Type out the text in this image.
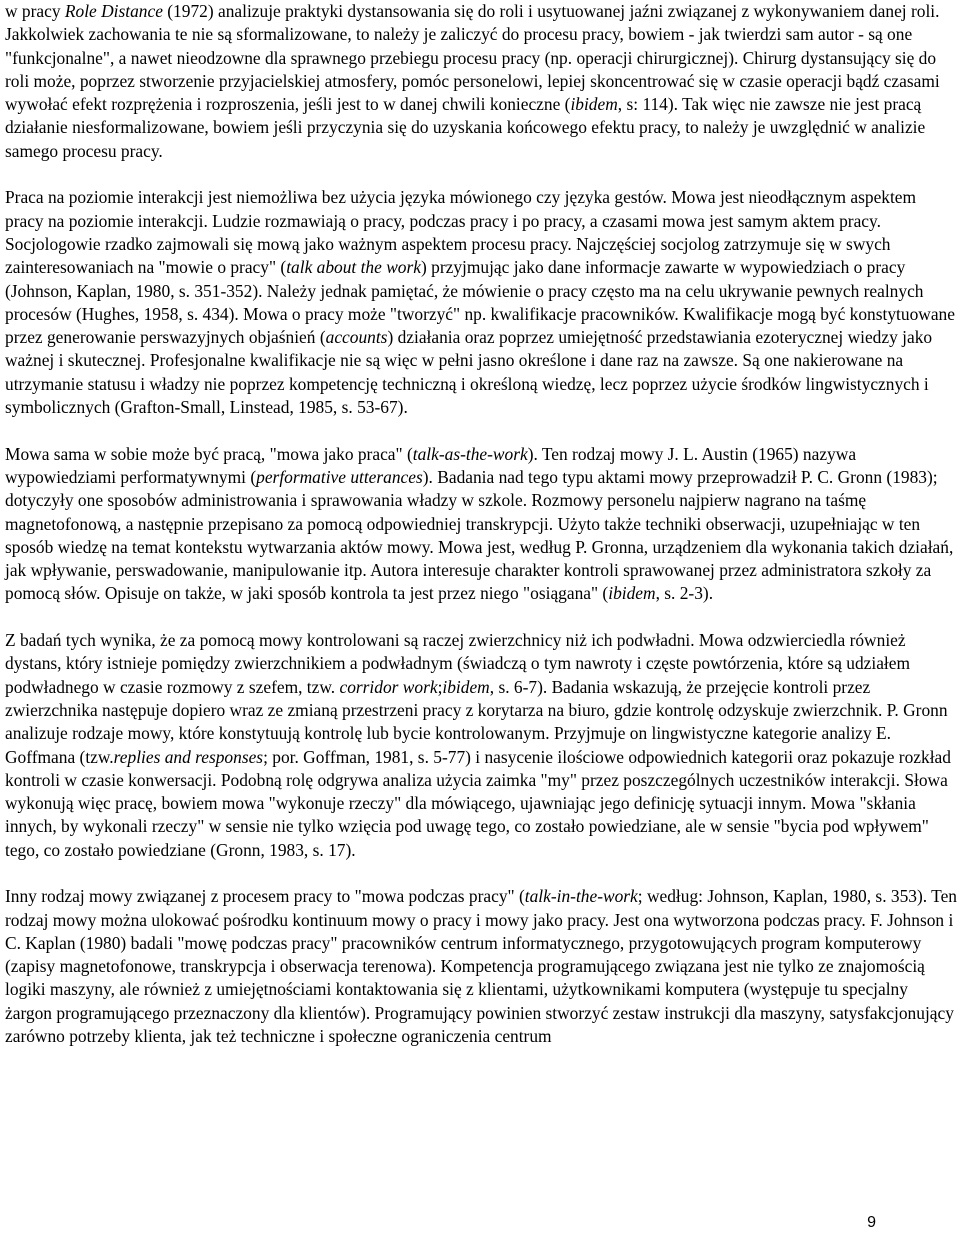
w pracy Role Distance (1972) analizuje praktyki dystansowania się do roli i usytuowanej jaźni związanej z wykonywaniem danej roli. Jakkolwiek zachowania te nie są sformalizowane, to należy je zaliczyć do procesu pracy, bowiem - jak twierdzi sam autor - są one "funkcjonalne", a nawet nieodzowne dla sprawnego przebiegu procesu pracy (np. operacji chirurgicznej). Chirurg dystansujący się do roli może, poprzez stworzenie przyjacielskiej atmosfery, pomóc personelowi, lepiej skoncentrować się w czasie operacji bądź czasami wywołać efekt rozprężenia i rozproszenia, jeśli jest to w danej chwili konieczne (ibidem, s: 114). Tak więc nie zawsze nie jest pracą działanie niesformalizowane, bowiem jeśli przyczynia się do uzyskania końcowego efektu pracy, to należy je uwzględnić w analizie samego procesu pracy.
Praca na poziomie interakcji jest niemożliwa bez użycia języka mówionego czy języka gestów. Mowa jest nieodłącznym aspektem pracy na poziomie interakcji. Ludzie rozmawiają o pracy, podczas pracy i po pracy, a czasami mowa jest samym aktem pracy. Socjologowie rzadko zajmowali się mową jako ważnym aspektem procesu pracy. Najczęściej socjolog zatrzymuje się w swych zainteresowaniach na "mowie o pracy" (talk about the work) przyjmując jako dane informacje zawarte w wypowiedziach o pracy (Johnson, Kaplan, 1980, s. 351-352). Należy jednak pamiętać, że mówienie o pracy często ma na celu ukrywanie pewnych realnych procesów (Hughes, 1958, s. 434). Mowa o pracy może "tworzyć" np. kwalifikacje pracowników. Kwalifikacje mogą być konstytuowane przez generowanie perswazyjnych objaśnień (accounts) działania oraz poprzez umiejętność przedstawiania ezoterycznej wiedzy jako ważnej i skutecznej. Profesjonalne kwalifikacje nie są więc w pełni jasno określone i dane raz na zawsze. Są one nakierowane na utrzymanie statusu i władzy nie poprzez kompetencję techniczną i określoną wiedzę, lecz poprzez użycie środków lingwistycznych i symbolicznych (Grafton-Small, Linstead, 1985, s. 53-67).
Mowa sama w sobie może być pracą, "mowa jako praca" (talk-as-the-work). Ten rodzaj mowy J. L. Austin (1965) nazywa wypowiedziami performatywnymi (performative utterances). Badania nad tego typu aktami mowy przeprowadził P. C. Gronn (1983); dotyczyły one sposobów administrowania i sprawowania władzy w szkole. Rozmowy personelu najpierw nagrano na taśmę magnetofonową, a następnie przepisano za pomocą odpowiedniej transkrypcji. Użyto także techniki obserwacji, uzupełniając w ten sposób wiedzę na temat kontekstu wytwarzania aktów mowy. Mowa jest, według P. Gronna, urządzeniem dla wykonania takich działań, jak wpływanie, perswadowanie, manipulowanie itp. Autora interesuje charakter kontroli sprawowanej przez administratora szkoły za pomocą słów. Opisuje on także, w jaki sposób kontrola ta jest przez niego "osiągana" (ibidem, s. 2-3).
Z badań tych wynika, że za pomocą mowy kontrolowani są raczej zwierzchnicy niż ich podwładni. Mowa odzwierciedla również dystans, który istnieje pomiędzy zwierzchnikiem a podwładnym (świadczą o tym nawroty i częste powtórzenia, które są udziałem podwładnego w czasie rozmowy z szefem, tzw. corridor work;ibidem, s. 6-7). Badania wskazują, że przejęcie kontroli przez zwierzchnika następuje dopiero wraz ze zmianą przestrzeni pracy z korytarza na biuro, gdzie kontrolę odzyskuje zwierzchnik. P. Gronn analizuje rodzaje mowy, które konstytuują kontrolę lub bycie kontrolowanym. Przyjmuje on lingwistyczne kategorie analizy E. Goffmana (tzw.replies and responses; por. Goffman, 1981, s. 5-77) i nasycenie ilościowe odpowiednich kategorii oraz pokazuje rozkład kontroli w czasie konwersacji. Podobną rolę odgrywa analiza użycia zaimka "my" przez poszczególnych uczestników interakcji. Słowa wykonują więc pracę, bowiem mowa "wykonuje rzeczy" dla mówiącego, ujawniając jego definicję sytuacji innym. Mowa "skłania innych, by wykonali rzeczy" w sensie nie tylko wzięcia pod uwagę tego, co zostało powiedziane, ale w sensie "bycia pod wpływem" tego, co zostało powiedziane (Gronn, 1983, s. 17).
Inny rodzaj mowy związanej z procesem pracy to "mowa podczas pracy" (talk-in-the-work; według: Johnson, Kaplan, 1980, s. 353). Ten rodzaj mowy można ulokować pośrodku kontinuum mowy o pracy i mowy jako pracy. Jest ona wytworzona podczas pracy. F. Johnson i C. Kaplan (1980) badali "mowę podczas pracy" pracowników centrum informatycznego, przygotowujących program komputerowy (zapisy magnetofonowe, transkrypcja i obserwacja terenowa). Kompetencja programującego związana jest nie tylko ze znajomością logiki maszyny, ale również z umiejętnościami kontaktowania się z klientami, użytkownikami komputera (występuje tu specjalny żargon programującego przeznaczony dla klientów). Programujący powinien stworzyć zestaw instrukcji dla maszyny, satysfakcjonujący zarówno potrzeby klienta, jak też techniczne i społeczne ograniczenia centrum
9
